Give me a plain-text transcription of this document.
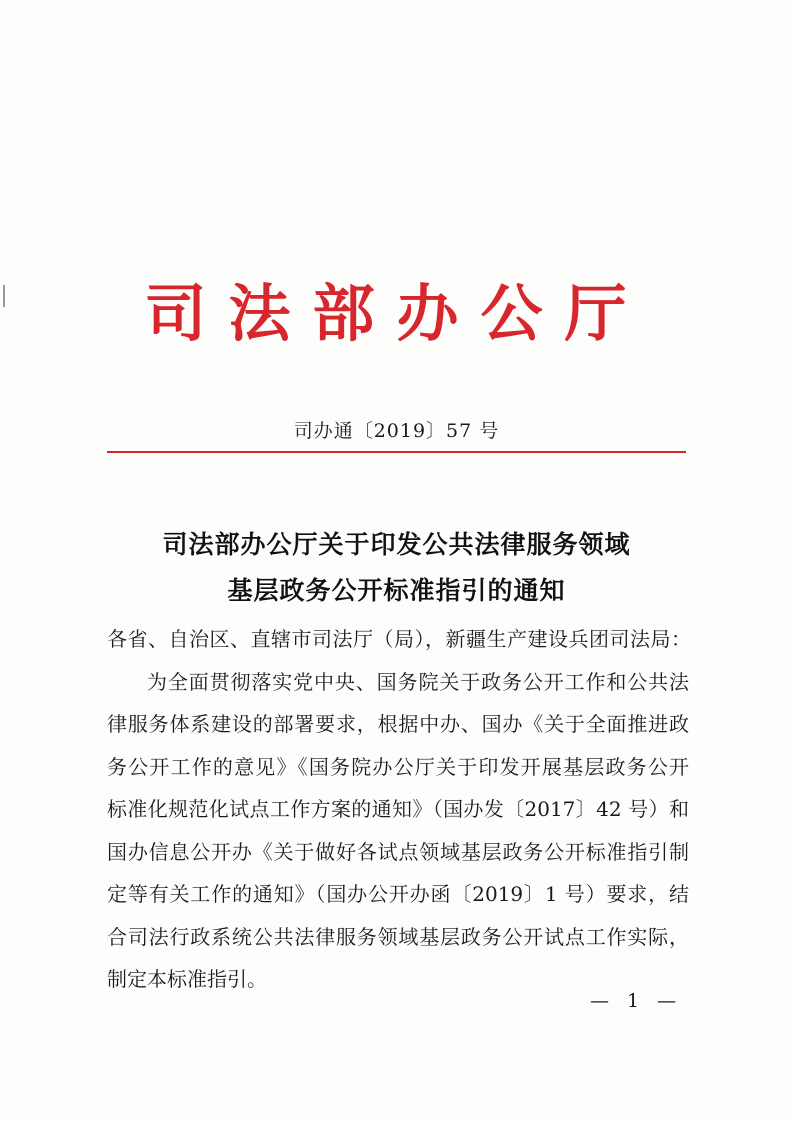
司法部办公厅
司办通〔2019〕57 号
司法部办公厅关于印发公共法律服务领域
基层政务公开标准指引的通知
各省、自治区、直辖市司法厅（局），新疆生产建设兵团司法局：

为全面贯彻落实党中央、国务院关于政务公开工作和公共法

律服务体系建设的部署要求，根据中办、国办《关于全面推进政

务公开工作的意见》《国务院办公厅关于印发开展基层政务公开

标准化规范化试点工作方案的通知》（国办发〔2017〕42 号）和

国办信息公开办《关于做好各试点领域基层政务公开标准指引制

定等有关工作的通知》（国办公开办函〔2019〕1 号）要求，结

合司法行政系统公共法律服务领域基层政务公开试点工作实际，

制定本标准指引。

— 1 —
